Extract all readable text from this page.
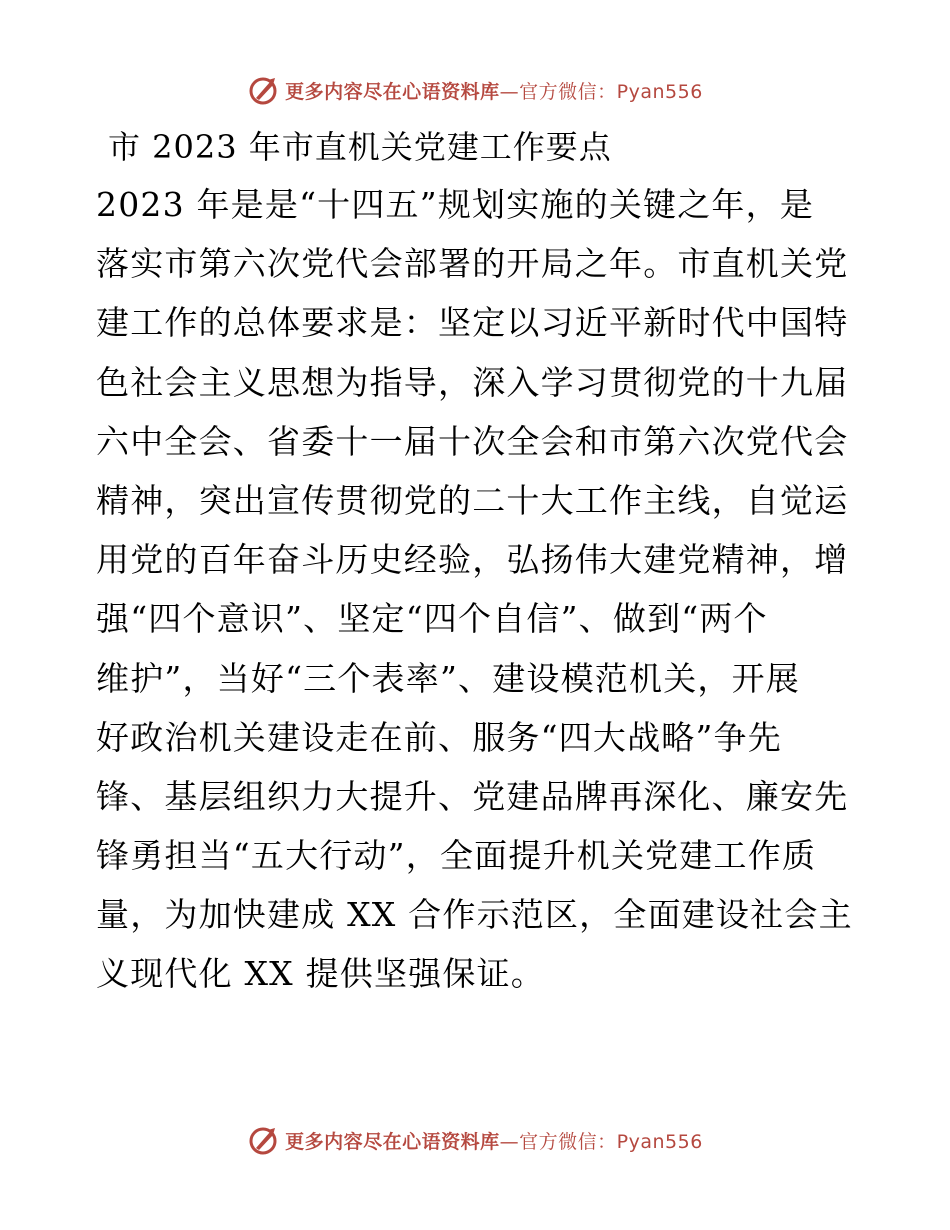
更多内容尽在心语资料库—官方微信：Pyan556
市 2023 年市直机关党建工作要点
2023 年是是“十四五”规划实施的关键之年，是
落实市第六次党代会部署的开局之年。市直机关党
建工作的总体要求是：坚定以习近平新时代中国特
色社会主义思想为指导，深入学习贯彻党的十九届
六中全会、省委十一届十次全会和市第六次党代会
精神，突出宣传贯彻党的二十大工作主线，自觉运
用党的百年奋斗历史经验，弘扬伟大建党精神，增
强“四个意识”、坚定“四个自信”、做到“两个
维护”，当好“三个表率”、建设模范机关，开展
好政治机关建设走在前、服务“四大战略”争先
锋、基层组织力大提升、党建品牌再深化、廉安先
锋勇担当“五大行动”，全面提升机关党建工作质
量，为加快建成 XX 合作示范区，全面建设社会主
义现代化 XX 提供坚强保证。
更多内容尽在心语资料库—官方微信：Pyan556
